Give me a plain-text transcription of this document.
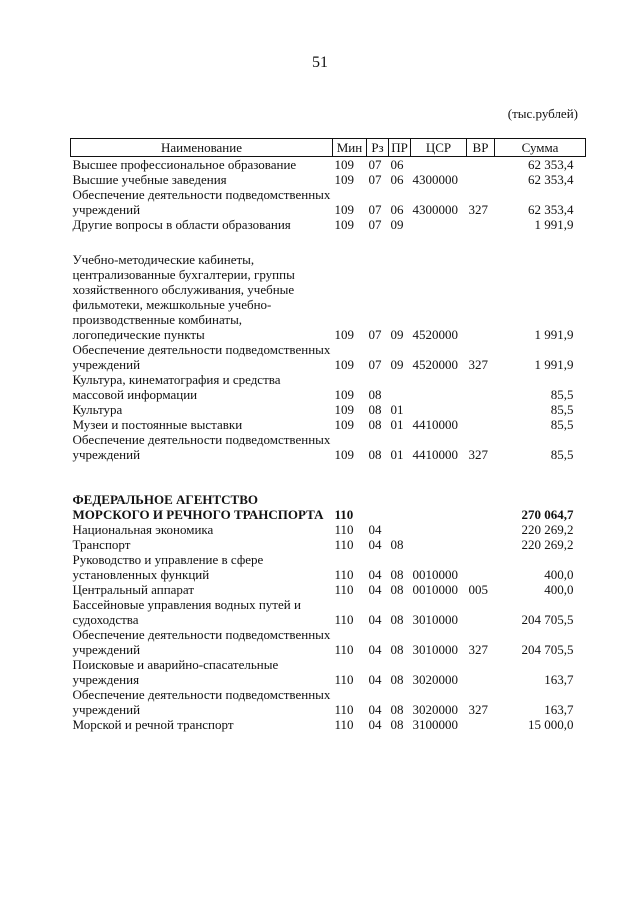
51
(тыс.рублей)
Наименование	Мин	Рз	ПР	ЦСР	ВР	Сумма
Высшее профессиональное образование	109	07	06			62 353,4
Высшие учебные заведения	109	07	06	4300000		62 353,4
Обеспечение деятельности подведомственных учреждений	109	07	06	4300000	327	62 353,4
Другие вопросы в области образования	109	07	09			1 991,9

Учебно-методические кабинеты, централизованные бухгалтерии, группы хозяйственного обслуживания, учебные фильмотеки, межшкольные учебно-производственные комбинаты, логопедические пункты	109	07	09	4520000		1 991,9
Обеспечение деятельности подведомственных учреждений	109	07	09	4520000	327	1 991,9
Культура, кинематография и средства массовой информации	109	08				85,5
Культура	109	08	01			85,5
Музеи и постоянные выставки	109	08	01	4410000		85,5
Обеспечение деятельности подведомственных учреждений	109	08	01	4410000	327	85,5

ФЕДЕРАЛЬНОЕ АГЕНТСТВО МОРСКОГО И РЕЧНОГО ТРАНСПОРТА	110					270 064,7
Национальная экономика	110	04				220 269,2
Транспорт	110	04	08			220 269,2
Руководство и управление в сфере установленных функций	110	04	08	0010000		400,0
Центральный аппарат	110	04	08	0010000	005	400,0
Бассейновые управления водных путей и судоходства	110	04	08	3010000		204 705,5
Обеспечение деятельности подведомственных учреждений	110	04	08	3010000	327	204 705,5
Поисковые и аварийно-спасательные учреждения	110	04	08	3020000		163,7
Обеспечение деятельности подведомственных учреждений	110	04	08	3020000	327	163,7
Морской и речной транспорт	110	04	08	3100000		15 000,0
